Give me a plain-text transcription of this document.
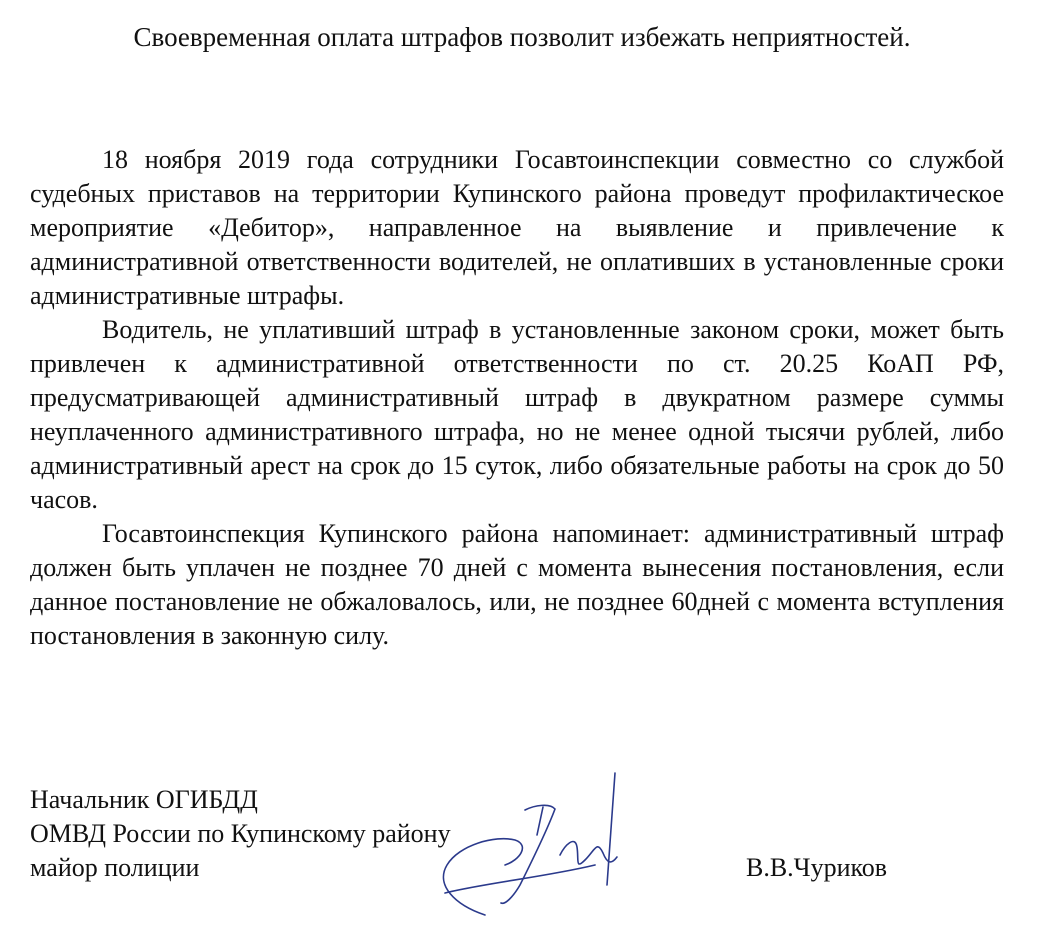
Своевременная оплата штрафов позволит избежать неприятностей.

18 ноября 2019 года сотрудники Госавтоинспекции совместно со службой судебных приставов на территории Купинского района проведут профилактическое мероприятие «Дебитор», направленное на выявление и привлечение к административной ответственности водителей, не оплативших в установленные сроки административные штрафы.

Водитель, не уплативший штраф в установленные законом сроки, может быть привлечен к административной ответственности по ст. 20.25 КоАП РФ, предусматривающей административный штраф в двукратном размере суммы неуплаченного административного штрафа, но не менее одной тысячи рублей, либо административный арест на срок до 15 суток, либо обязательные работы на срок до 50 часов.

Госавтоинспекция Купинского района напоминает: административный штраф должен быть уплачен не позднее 70 дней с момента вынесения постановления, если данное постановление не обжаловалось, или, не позднее 60дней с момента вступления постановления в законную силу.

Начальник ОГИБДД
ОМВД России по Купинскому району
майор полиции	В.В.Чуриков
